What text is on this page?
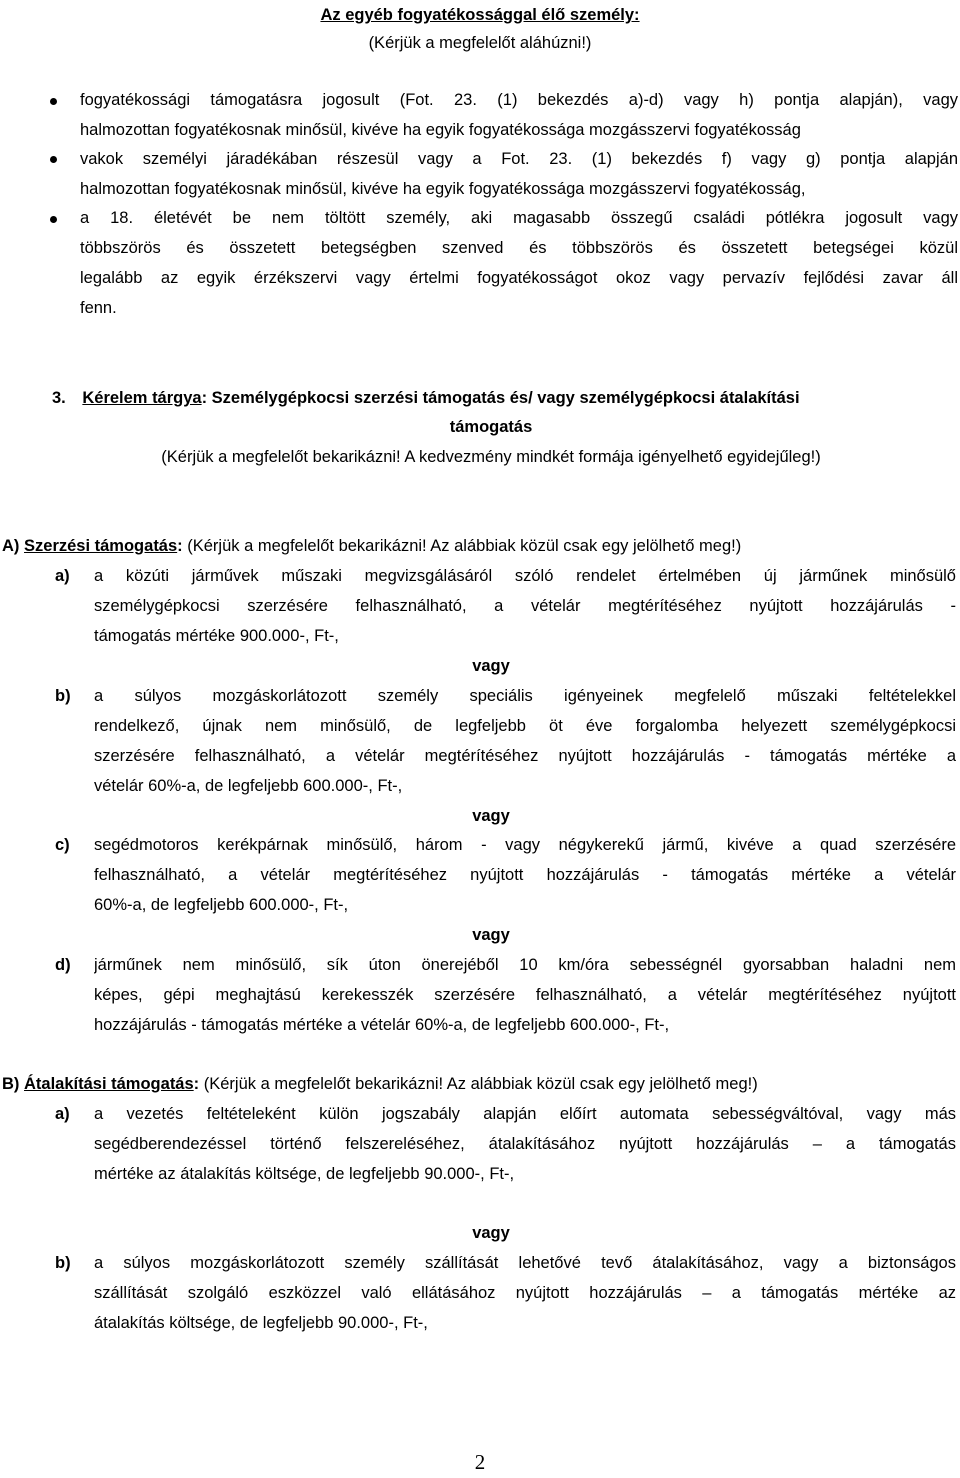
Az egyéb fogyatékossággal élő személy:
(Kérjük a megfelelőt aláhúzni!)
fogyatékossági támogatásra jogosult (Fot. 23. (1) bekezdés a)-d) vagy h) pontja alapján), vagy
halmozottan fogyatékosnak minősül, kivéve ha egyik fogyatékossága mozgásszervi fogyatékosság
vakok személyi járadékában részesül vagy a Fot. 23. (1) bekezdés f) vagy g) pontja alapján
halmozottan fogyatékosnak minősül, kivéve ha egyik fogyatékossága mozgásszervi fogyatékosság,
a 18. életévét be nem töltött személy, aki magasabb összegű családi pótlékra jogosult vagy
többszörös és összetett betegségben szenved és többszörös és összetett betegségei közül
legalább az egyik érzékszervi vagy értelmi fogyatékosságot okoz vagy pervazív fejlődési zavar áll
fenn.
3. Kérelem tárgya: Személygépkocsi szerzési támogatás és/ vagy személygépkocsi átalakítási
támogatás
(Kérjük a megfelelőt bekarikázni! A kedvezmény mindkét formája igényelhető egyidejűleg!)
A) Szerzési támogatás: (Kérjük a megfelelőt bekarikázni! Az alábbiak közül csak egy jelölhető meg!)
a) a közúti járművek műszaki megvizsgálásáról szóló rendelet értelmében új járműnek minősülő
személygépkocsi szerzésére felhasználható, a vételár megtérítéséhez nyújtott hozzájárulás -
támogatás mértéke 900.000-, Ft-,
vagy
b) a súlyos mozgáskorlátozott személy speciális igényeinek megfelelő műszaki feltételekkel
rendelkező, újnak nem minősülő, de legfeljebb öt éve forgalomba helyezett személygépkocsi
szerzésére felhasználható, a vételár megtérítéséhez nyújtott hozzájárulás - támogatás mértéke a
vételár 60%-a, de legfeljebb 600.000-, Ft-,
vagy
c) segédmotoros kerékpárnak minősülő, három - vagy négykerekű jármű, kivéve a quad szerzésére
felhasználható, a vételár megtérítéséhez nyújtott hozzájárulás - támogatás mértéke a vételár
60%-a, de legfeljebb 600.000-, Ft-,
vagy
d) járműnek nem minősülő, sík úton önerejéből 10 km/óra sebességnél gyorsabban haladni nem
képes, gépi meghajtású kerekesszék szerzésére felhasználható, a vételár megtérítéséhez nyújtott
hozzájárulás - támogatás mértéke a vételár 60%-a, de legfeljebb 600.000-, Ft-,
B) Átalakítási támogatás: (Kérjük a megfelelőt bekarikázni! Az alábbiak közül csak egy jelölhető meg!)
a) a vezetés feltételeként külön jogszabály alapján előírt automata sebességváltóval, vagy más
segédberendezéssel történő felszereléséhez, átalakításához nyújtott hozzájárulás – a támogatás
mértéke az átalakítás költsége, de legfeljebb 90.000-, Ft-,
vagy
b) a súlyos mozgáskorlátozott személy szállítását lehetővé tevő átalakításához, vagy a biztonságos
szállítását szolgáló eszközzel való ellátásához nyújtott hozzájárulás – a támogatás mértéke az
átalakítás költsége, de legfeljebb 90.000-, Ft-,
2
